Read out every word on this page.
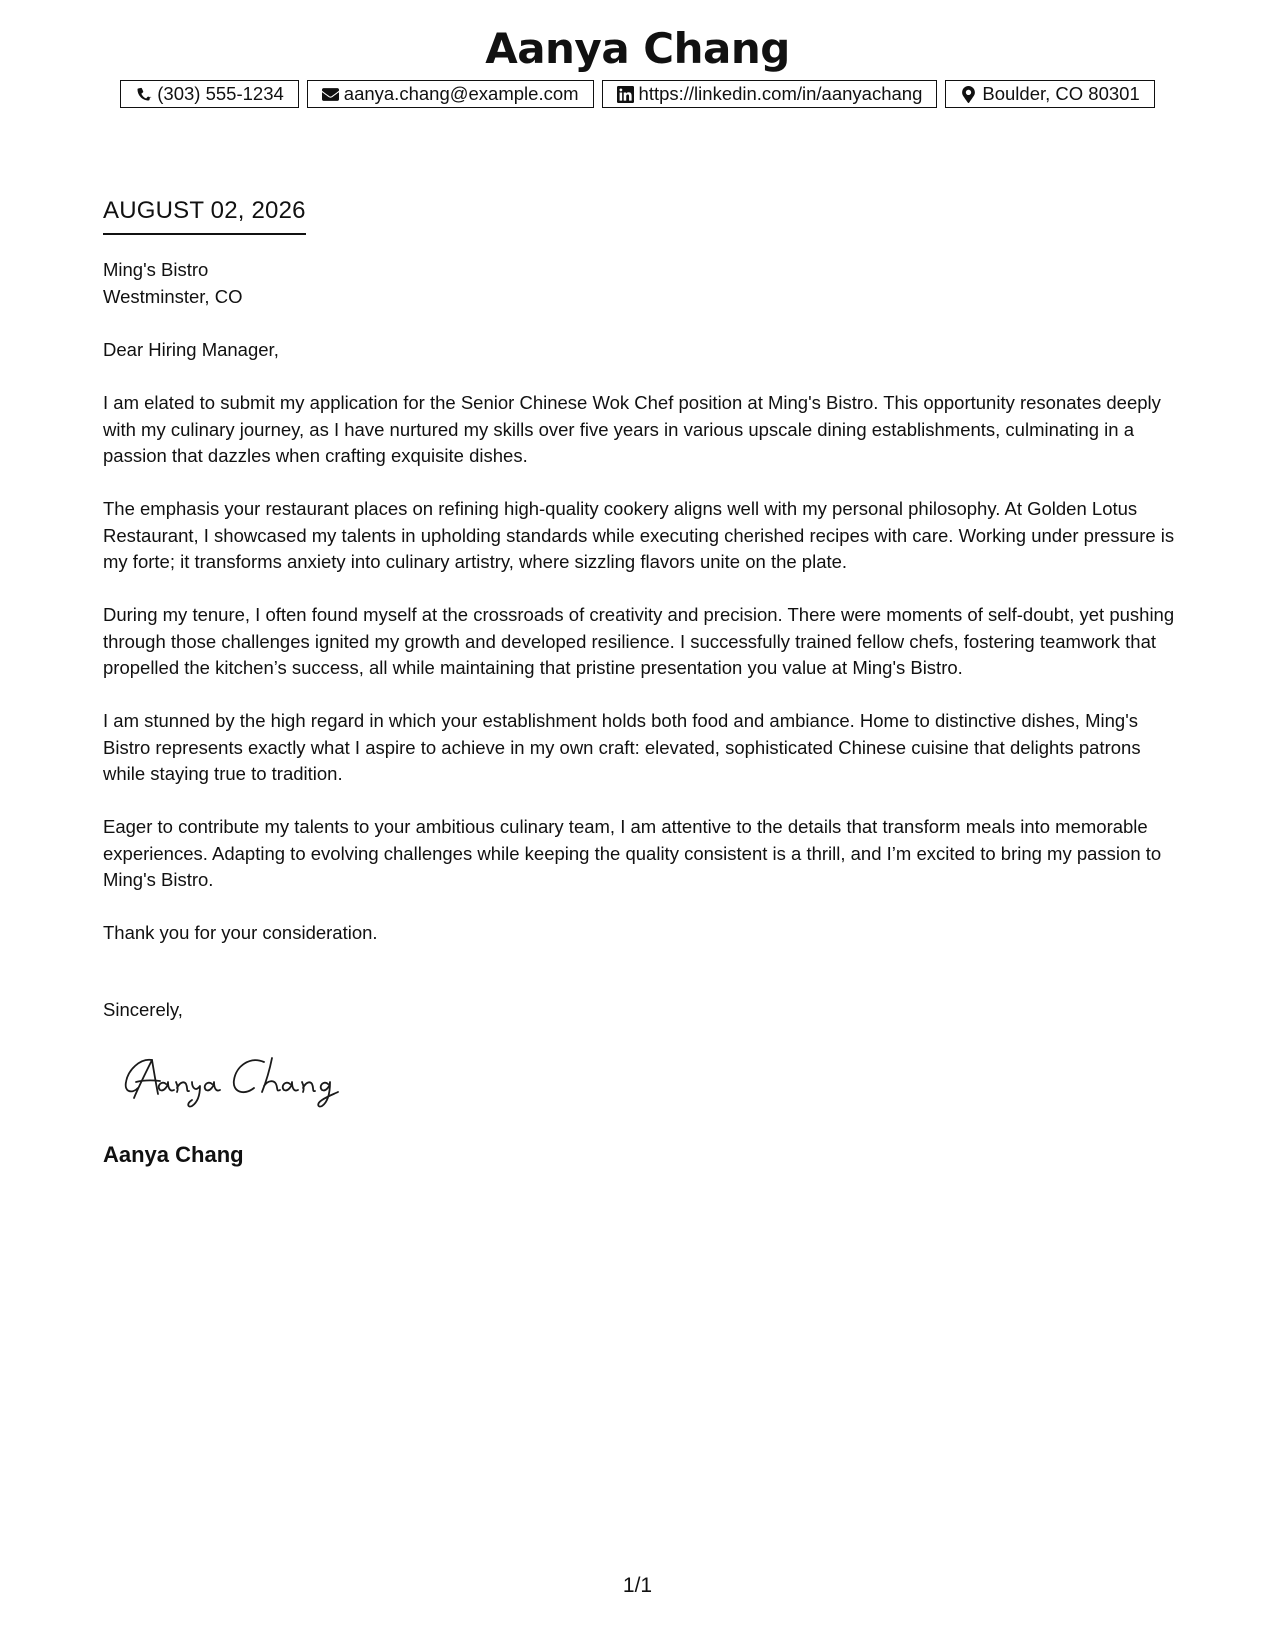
Aanya Chang
(303) 555-1234	aanya.chang@example.com	https://linkedin.com/in/aanyachang	Boulder, CO 80301
AUGUST 02, 2026
Ming's Bistro
Westminster, CO

Dear Hiring Manager,

I am elated to submit my application for the Senior Chinese Wok Chef position at Ming's Bistro. This opportunity resonates deeply with my culinary journey, as I have nurtured my skills over five years in various upscale dining establishments, culminating in a passion that dazzles when crafting exquisite dishes.

The emphasis your restaurant places on refining high-quality cookery aligns well with my personal philosophy. At Golden Lotus Restaurant, I showcased my talents in upholding standards while executing cherished recipes with care. Working under pressure is my forte; it transforms anxiety into culinary artistry, where sizzling flavors unite on the plate.

During my tenure, I often found myself at the crossroads of creativity and precision. There were moments of self-doubt, yet pushing through those challenges ignited my growth and developed resilience. I successfully trained fellow chefs, fostering teamwork that propelled the kitchen’s success, all while maintaining that pristine presentation you value at Ming's Bistro.

I am stunned by the high regard in which your establishment holds both food and ambiance. Home to distinctive dishes, Ming's Bistro represents exactly what I aspire to achieve in my own craft: elevated, sophisticated Chinese cuisine that delights patrons while staying true to tradition.

Eager to contribute my talents to your ambitious culinary team, I am attentive to the details that transform meals into memorable experiences. Adapting to evolving challenges while keeping the quality consistent is a thrill, and I’m excited to bring my passion to Ming's Bistro.

Thank you for your consideration.

Sincerely,
Aanya Chang
1/1
